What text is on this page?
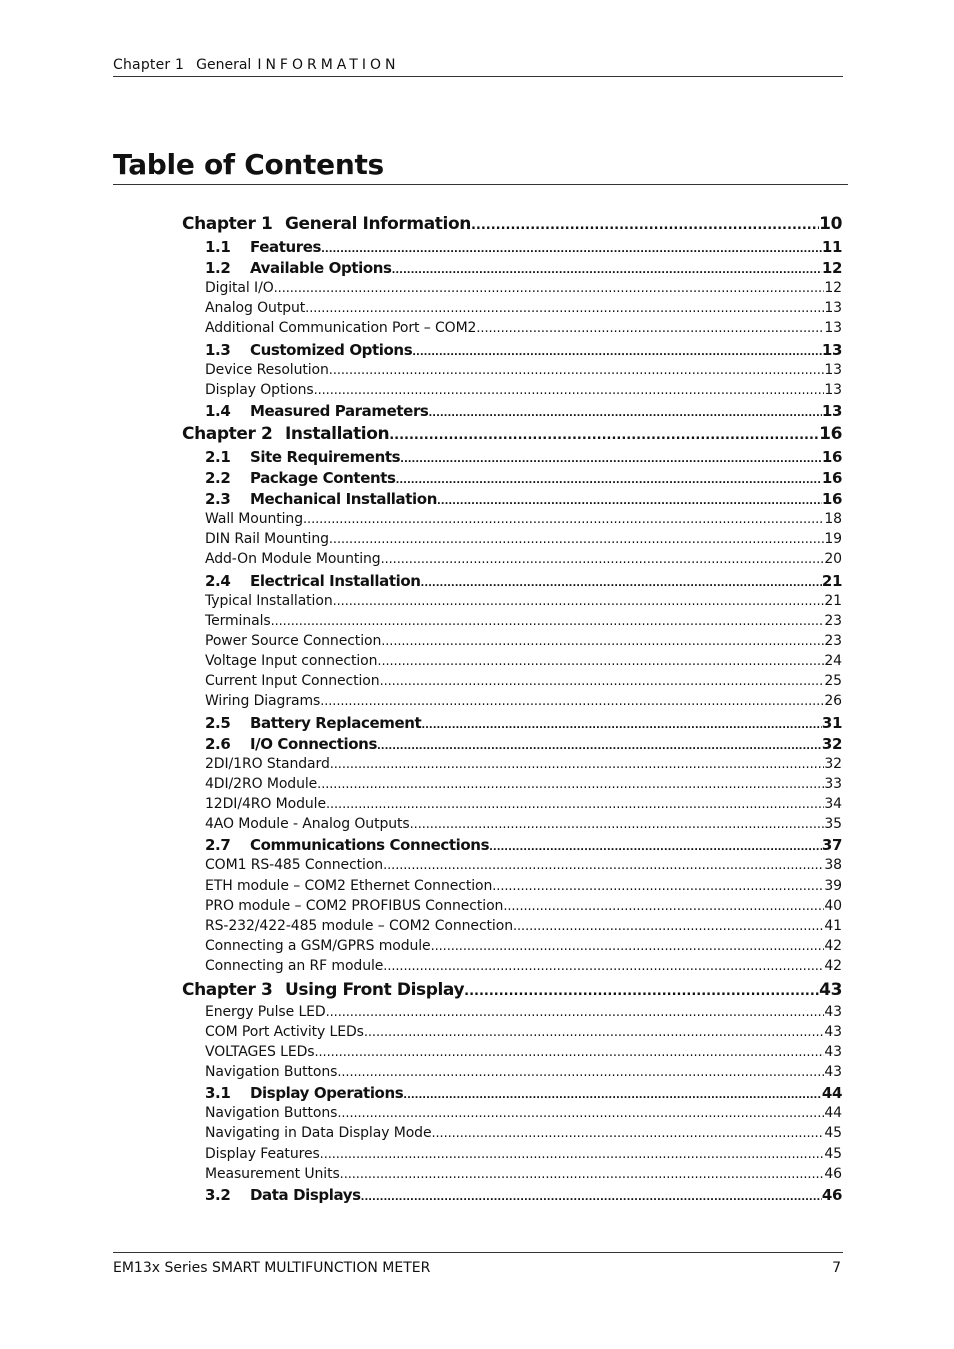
Chapter 1 General INFORMATION
Table of Contents
Chapter 1 General Information .....	10
1.1 Features .....	11
1.2 Available Options .....	12
Digital I/O .....	12
Analog Output .....	13
Additional Communication Port – COM2 .....	13
1.3 Customized Options .....	13
Device Resolution .....	13
Display Options .....	13
1.4 Measured Parameters .....	13
Chapter 2 Installation .....	16
2.1 Site Requirements .....	16
2.2 Package Contents .....	16
2.3 Mechanical Installation .....	16
Wall Mounting .....	18
DIN Rail Mounting .....	19
Add-On Module Mounting .....	20
2.4 Electrical Installation .....	21
Typical Installation .....	21
Terminals .....	23
Power Source Connection .....	23
Voltage Input connection .....	24
Current Input Connection .....	25
Wiring Diagrams .....	26
2.5 Battery Replacement .....	31
2.6 I/O Connections .....	32
2DI/1RO Standard .....	32
4DI/2RO Module .....	33
12DI/4RO Module .....	34
4AO Module - Analog Outputs .....	35
2.7 Communications Connections .....	37
COM1 RS-485 Connection .....	38
ETH module – COM2 Ethernet Connection .....	39
PRO module – COM2 PROFIBUS Connection .....	40
RS-232/422-485 module – COM2 Connection .....	41
Connecting a GSM/GPRS module .....	42
Connecting an RF module .....	42
Chapter 3 Using Front Display .....	43
Energy Pulse LED .....	43
COM Port Activity LEDs .....	43
VOLTAGES LEDs .....	43
Navigation Buttons .....	43
3.1 Display Operations .....	44
Navigation Buttons .....	44
Navigating in Data Display Mode .....	45
Display Features .....	45
Measurement Units .....	46
3.2 Data Displays .....	46
EM13x Series SMART MULTIFUNCTION METER	7
